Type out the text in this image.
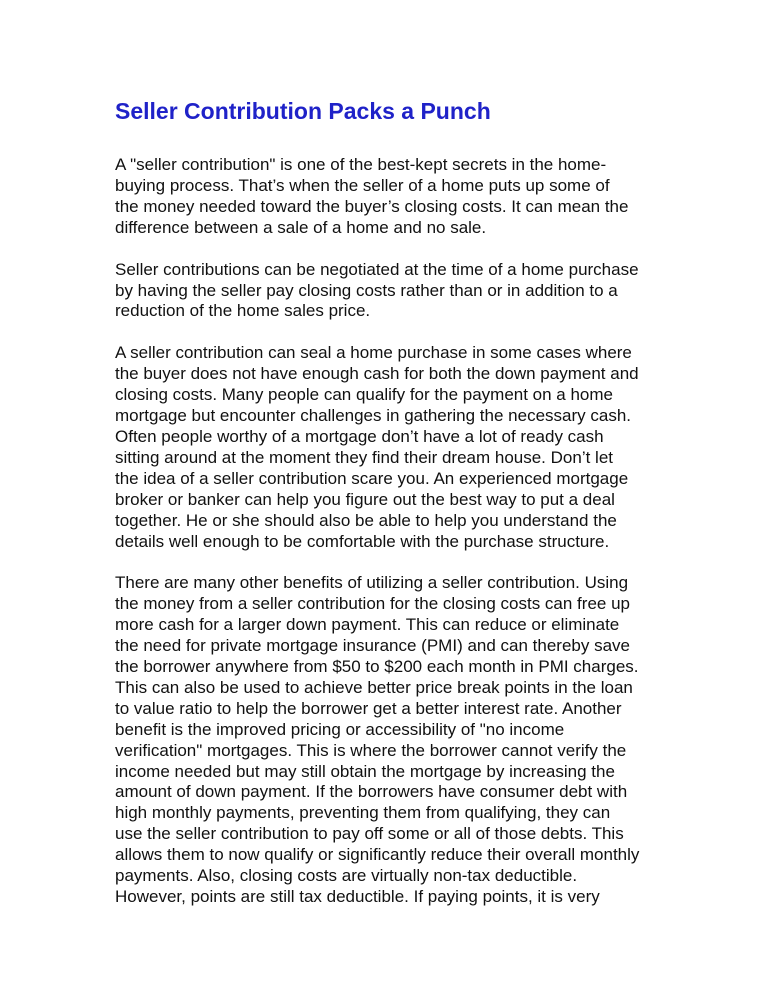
Seller Contribution Packs a Punch

A "seller contribution" is one of the best-kept secrets in the home-
buying process. That’s when the seller of a home puts up some of
the money needed toward the buyer’s closing costs. It can mean the
difference between a sale of a home and no sale.

Seller contributions can be negotiated at the time of a home purchase
by having the seller pay closing costs rather than or in addition to a
reduction of the home sales price.

A seller contribution can seal a home purchase in some cases where
the buyer does not have enough cash for both the down payment and
closing costs. Many people can qualify for the payment on a home
mortgage but encounter challenges in gathering the necessary cash.
Often people worthy of a mortgage don’t have a lot of ready cash
sitting around at the moment they find their dream house. Don’t let
the idea of a seller contribution scare you. An experienced mortgage
broker or banker can help you figure out the best way to put a deal
together. He or she should also be able to help you understand the
details well enough to be comfortable with the purchase structure.

There are many other benefits of utilizing a seller contribution. Using
the money from a seller contribution for the closing costs can free up
more cash for a larger down payment. This can reduce or eliminate
the need for private mortgage insurance (PMI) and can thereby save
the borrower anywhere from $50 to $200 each month in PMI charges.
This can also be used to achieve better price break points in the loan
to value ratio to help the borrower get a better interest rate. Another
benefit is the improved pricing or accessibility of "no income
verification" mortgages. This is where the borrower cannot verify the
income needed but may still obtain the mortgage by increasing the
amount of down payment. If the borrowers have consumer debt with
high monthly payments, preventing them from qualifying, they can
use the seller contribution to pay off some or all of those debts. This
allows them to now qualify or significantly reduce their overall monthly
payments. Also, closing costs are virtually non-tax deductible.
However, points are still tax deductible. If paying points, it is very
